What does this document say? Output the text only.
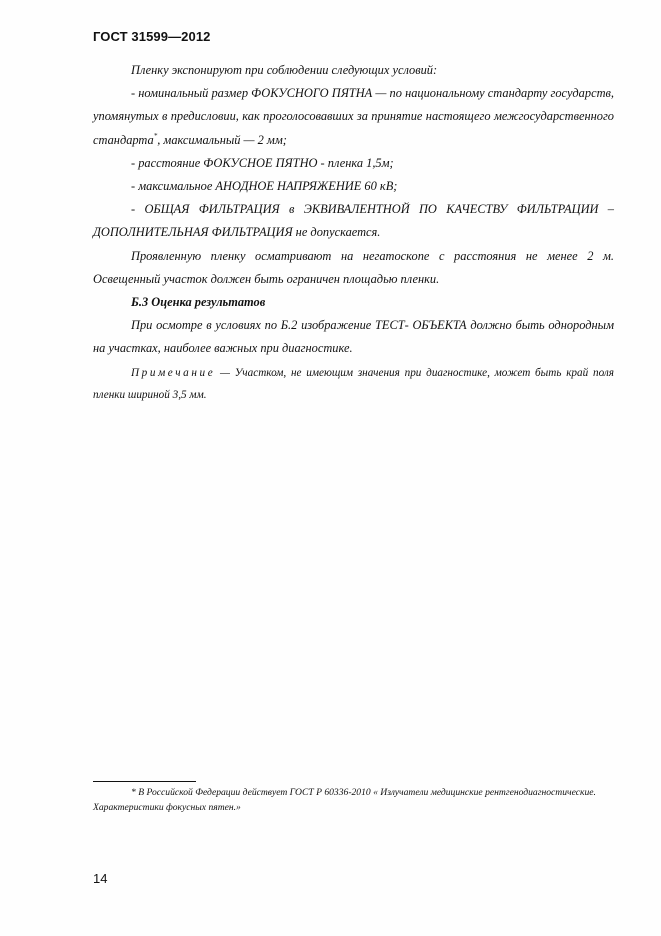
ГОСТ 31599—2012

Пленку экспонируют при соблюдении следующих условий:

- номинальный размер ФОКУСНОГО ПЯТНА — по национальному стандарту государств, упомянутых в предисловии, как проголосовавших за принятие настоящего межгосударственного стандарта*, максимальный — 2 мм;

- расстояние ФОКУСНОЕ ПЯТНО - пленка 1,5м;

- максимальное АНОДНОЕ НАПРЯЖЕНИЕ 60 кВ;

- ОБЩАЯ ФИЛЬТРАЦИЯ в ЭКВИВАЛЕНТНОЙ ПО КАЧЕСТВУ ФИЛЬТРАЦИИ – ДОПОЛНИТЕЛЬНАЯ ФИЛЬТРАЦИЯ не допускается.

Проявленную пленку осматривают на негатоскопе с расстояния не менее 2 м. Освещенный участок должен быть ограничен площадью пленки.

Б.3 Оценка результатов

При осмотре в условиях по Б.2 изображение ТЕСТ- ОБЪЕКТА должно быть однородным на участках, наиболее важных при диагностике.

Примечание — Участком, не имеющим значения при диагностике, может быть край поля пленки шириной 3,5 мм.

* В Российской Федерации действует ГОСТ Р 60336-2010 « Излучатели медицинские рентгенодиагностические. Характеристики фокусных пятен.»

14
